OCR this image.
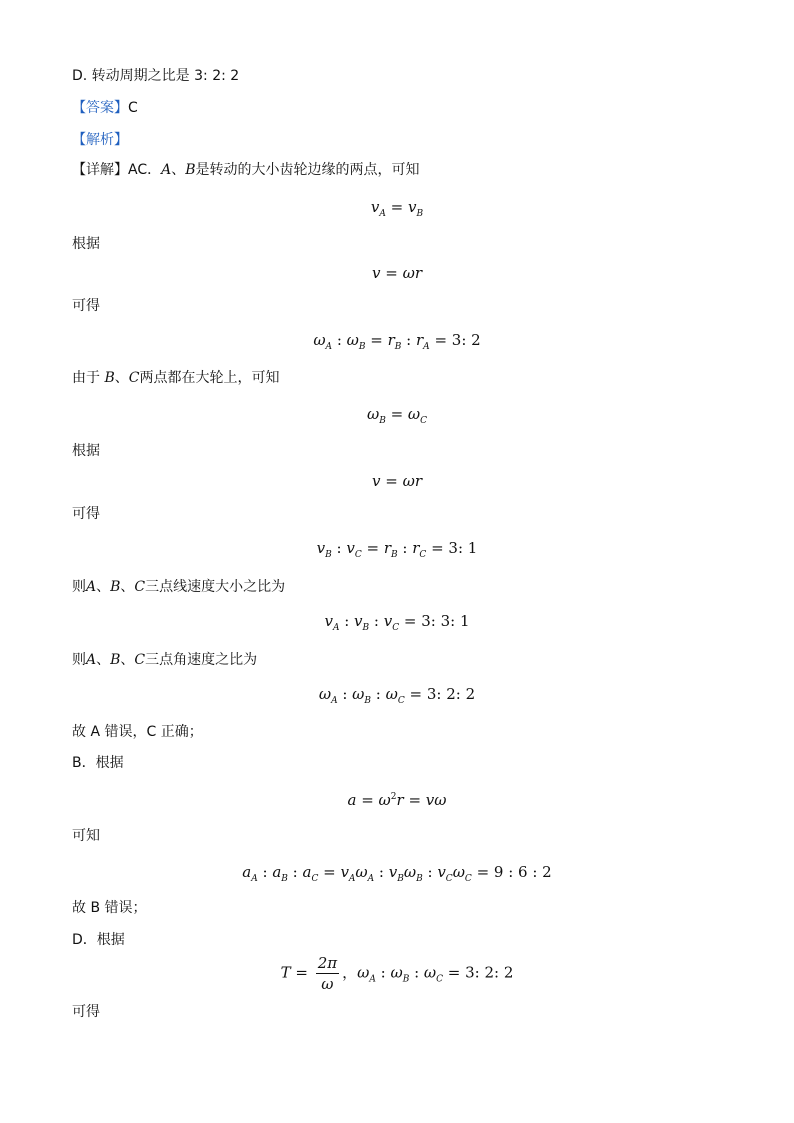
D. 转动周期之比是 3: 2: 2
【答案】C
【解析】
【详解】AC．A、B是转动的大小齿轮边缘的两点，可知
$v_A = v_B$
根据
v = ωr
可得
$\omega_A$ : $\omega_B = r_B$ : $r_A = 3$: 2
由于 B、C两点都在大轮上，可知
$\omega_B = \omega_C$
根据
v = ωr
可得
$v_B$ : $v_C = r_B$ : $r_C = 3$: 1
则A、B、C三点线速度大小之比为
$v_A$ : $v_B$ : $v_C = 3$: 3: 1
则A、B、C三点角速度之比为
$\omega_A$ : $\omega_B$ : $\omega_C = 3$: 2: 2
故 A 错误，C 正确；
B．根据
$a = \omega^2r = v\omega$
可知
$a_A$ : $a_B$ : $a_C = v_A\omega_A$ : $v_B\omega_B$ : $v_C\omega_C = 9$ : 6 : 2
故 B 错误；
D．根据
$T = \frac{2\pi}{\omega}$ ，$\omega_A$ : $\omega_B$ : $\omega_C = 3$: 2: 2
可得
